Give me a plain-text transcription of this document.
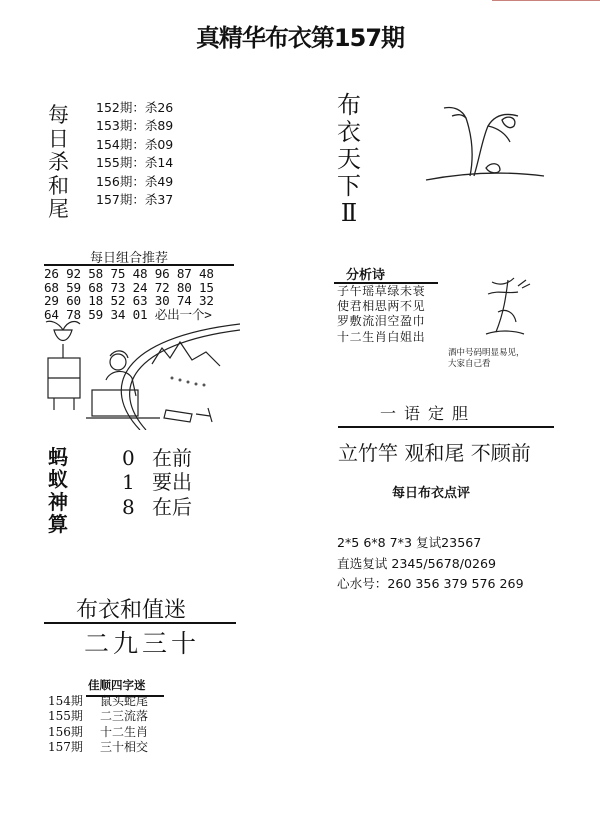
真精华布衣第157期
每
日
杀
和
尾
152期：杀26
153期：杀89
154期：杀09
155期：杀14
156期：杀49
157期：杀37
每日组合推荐
26 92 58 75 48 96 87 48
68 59 68 73 24 72 80 15
29 60 18 52 63 30 74 32
64 78 59 34 01 必出一个>
蚂
蚁
神
算
0 在前
1 要出
8 在后
布衣和值迷
二九三十
佳顺四字迷
154期 鼠头蛇尾
155期 二三流落
156期 十二生肖
157期 三十相交
布
衣
天
下
Ⅱ
分析诗
子午瑶草绿未衰
使君相思两不见
罗敷流泪空盈巾
十二生肖白姐出
酒中号码明显易见，
大家自己看
一语定胆
立竹竿 观和尾 不顾前
每日布衣点评
2*5 6*8 7*3 复试23567
直选复试 2345/5678/0269
心水号：260 356 379 576 269
